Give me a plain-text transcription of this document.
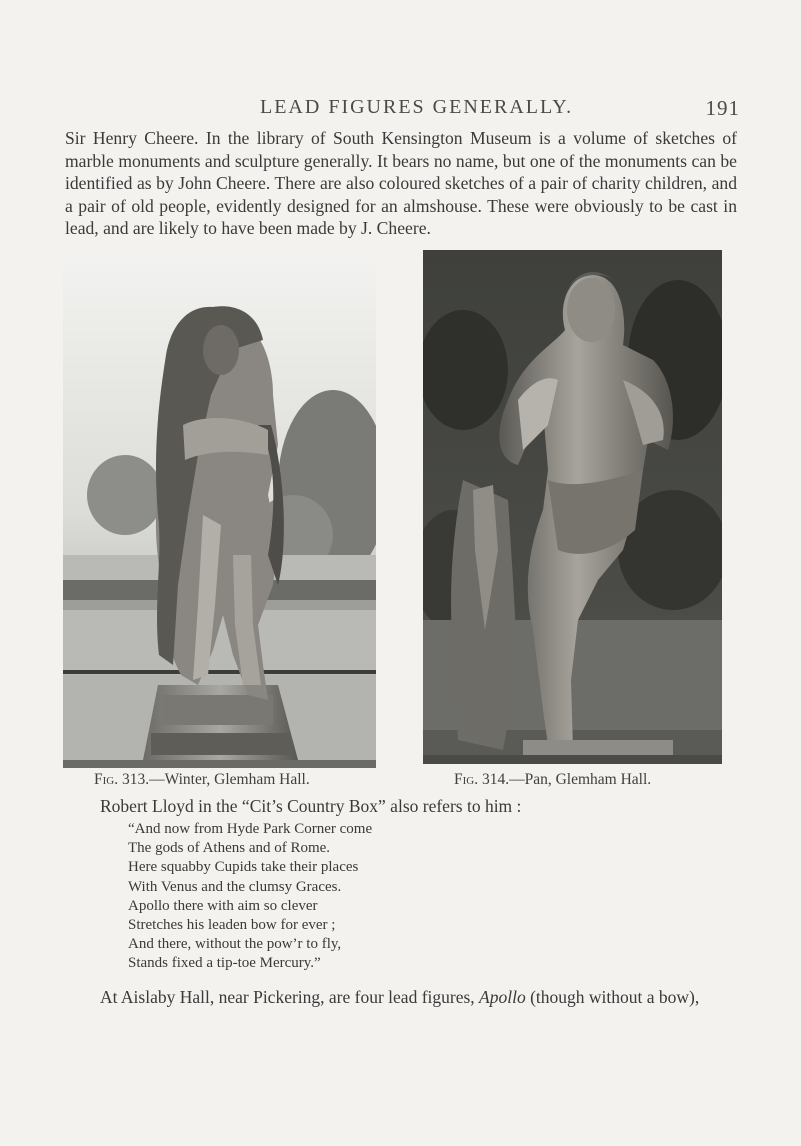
LEAD FIGURES GENERALLY.	191

Sir Henry Cheere. In the library of South Kensington Museum is a volume of sketches of marble monuments and sculpture generally. It bears no name, but one of the monuments can be identified as by John Cheere. There are also coloured sketches of a pair of charity children, and a pair of old people, evidently designed for an almshouse. These were obviously to be cast in lead, and are likely to have been made by J. Cheere.

Fig. 313.—Winter, Glemham Hall.	Fig. 314.—Pan, Glemham Hall.

Robert Lloyd in the “Cit’s Country Box” also refers to him :

“And now from Hyde Park Corner come
The gods of Athens and of Rome.
Here squabby Cupids take their places
With Venus and the clumsy Graces.
Apollo there with aim so clever
Stretches his leaden bow for ever ;
And there, without the pow’r to fly,
Stands fixed a tip-toe Mercury.”

At Aislaby Hall, near Pickering, are four lead figures, Apollo (though without a bow),
